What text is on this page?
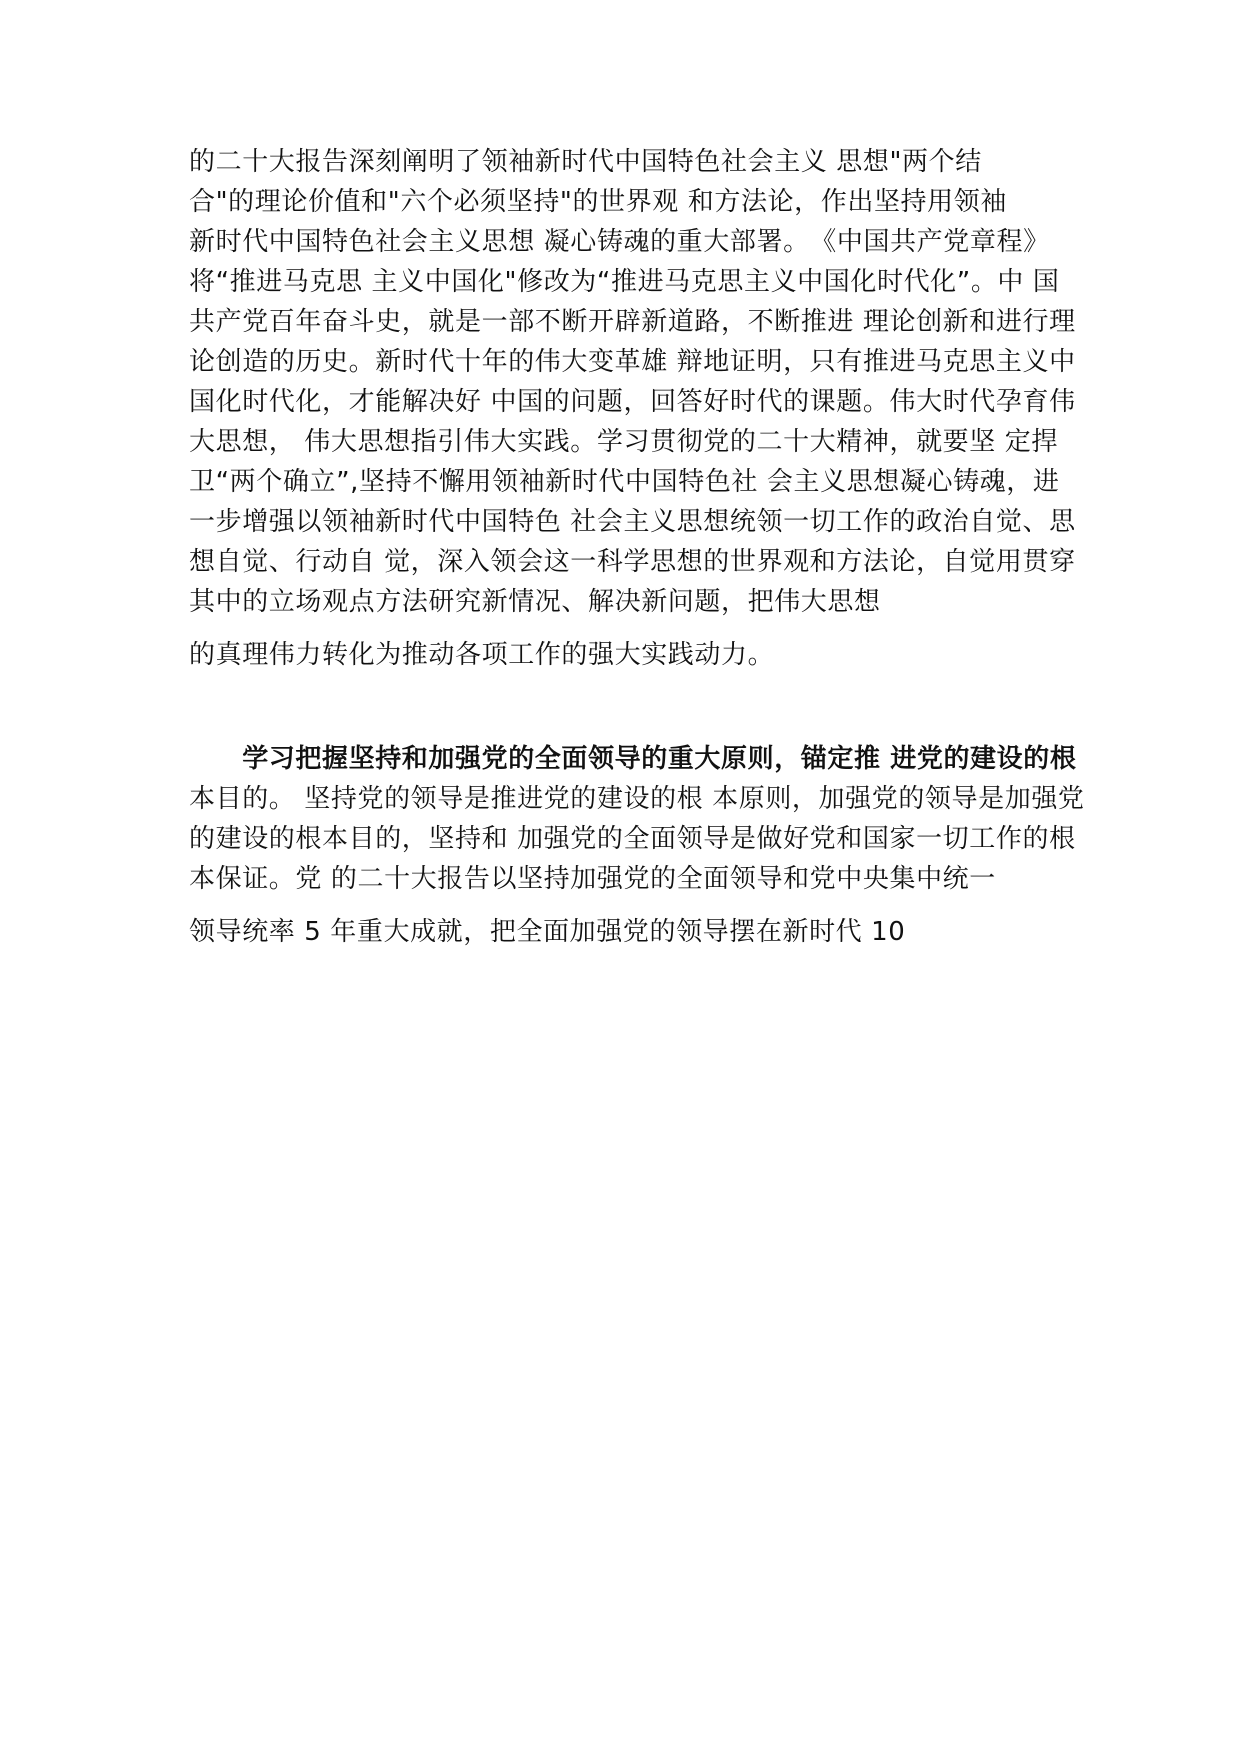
的二十大报告深刻阐明了领袖新时代中国特色社会主义 思想"两个结
合"的理论价值和"六个必须坚持"的世界观 和方法论，作出坚持用领袖
新时代中国特色社会主义思想 凝心铸魂的重大部署。　《中国共产党章程》
将“推进马克思 主义中国化"修改为“推进马克思主义中国化时代化”。中 国
共产党百年奋斗史，就是一部不断开辟新道路，不断推进 理论创新和进行理
论创造的历史。新时代十年的伟大变革雄 辩地证明，只有推进马克思主义中
国化时代化，才能解决好 中国的问题，回答好时代的课题。伟大时代孕育伟
大思想， 伟大思想指引伟大实践。学习贯彻党的二十大精神，就要坚 定捍
卫“两个确立”,坚持不懈用领袖新时代中国特色社 会主义思想凝心铸魂，进
一步增强以领袖新时代中国特色 社会主义思想统领一切工作的政治自觉、思
想自觉、行动自 觉，深入领会这一科学思想的世界观和方法论，自觉用贯穿
其中的立场观点方法研究新情况、解决新问题，把伟大思想
的真理伟力转化为推动各项工作的强大实践动力。
　　学习把握坚持和加强党的全面领导的重大原则，锚定推 进党的建设的根
本目的。 坚持党的领导是推进党的建设的根 本原则，加强党的领导是加强党
的建设的根本目的，坚持和 加强党的全面领导是做好党和国家一切工作的根
本保证。党 的二十大报告以坚持加强党的全面领导和党中央集中统一
领导统率 5 年重大成就，把全面加强党的领导摆在新时代 10
